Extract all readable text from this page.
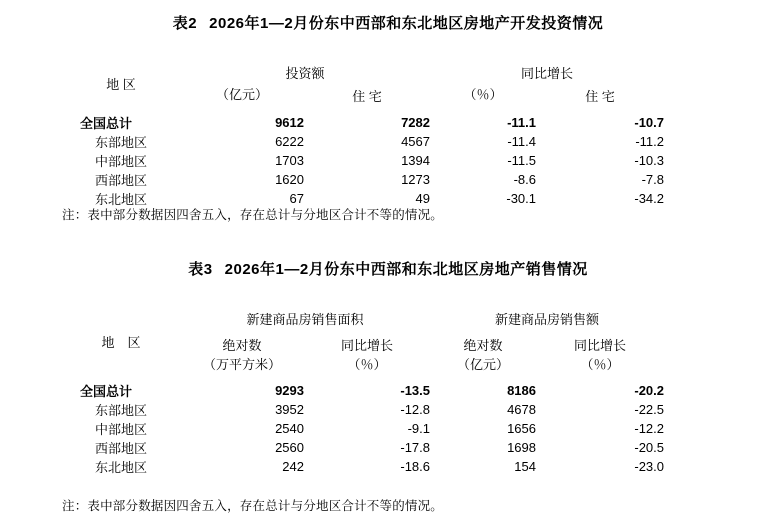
表2 2026年1—2月份东中西部和东北地区房地产开发投资情况
地 区	投资额		同比增长	
	（亿元）	住 宅	（％）	住 宅
全国总计	9612	7282	-11.1	-10.7
东部地区	6222	4567	-11.4	-11.2
中部地区	1703	1394	-11.5	-10.3
西部地区	1620	1273	-8.6	-7.8
东北地区	67	49	-30.1	-34.2
注：表中部分数据因四舍五入，存在总计与分地区合计不等的情况。
表3 2026年1—2月份东中西部和东北地区房地产销售情况
地　区	新建商品房销售面积		新建商品房销售额	
	绝对数	同比增长	绝对数	同比增长
	（万平方米）	（％）	（亿元）	（％）
全国总计	9293	-13.5	8186	-20.2
东部地区	3952	-12.8	4678	-22.5
中部地区	2540	-9.1	1656	-12.2
西部地区	2560	-17.8	1698	-20.5
东北地区	242	-18.6	154	-23.0
注：表中部分数据因四舍五入，存在总计与分地区合计不等的情况。
